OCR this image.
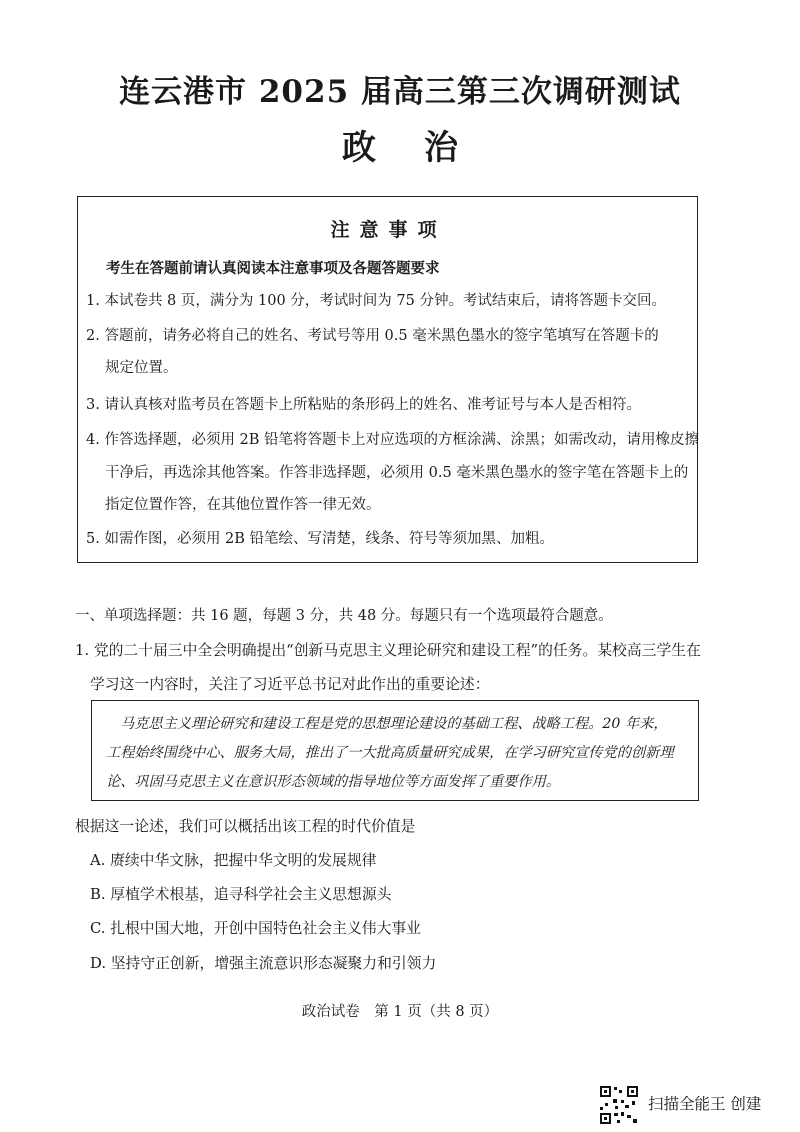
连云港市 2025 届高三第三次调研测试
政治
注意事项
考生在答题前请认真阅读本注意事项及各题答题要求
1. 本试卷共 8 页，满分为 100 分，考试时间为 75 分钟。考试结束后，请将答题卡交回。
2. 答题前，请务必将自己的姓名、考试号等用 0.5 毫米黑色墨水的签字笔填写在答题卡的
规定位置。
3. 请认真核对监考员在答题卡上所粘贴的条形码上的姓名、准考证号与本人是否相符。
4. 作答选择题，必须用 2B 铅笔将答题卡上对应选项的方框涂满、涂黑；如需改动，请用橡皮擦
干净后，再选涂其他答案。作答非选择题，必须用 0.5 毫米黑色墨水的签字笔在答题卡上的
指定位置作答，在其他位置作答一律无效。
5. 如需作图，必须用 2B 铅笔绘、写清楚，线条、符号等须加黑、加粗。
一、单项选择题：共 16 题，每题 3 分，共 48 分。每题只有一个选项最符合题意。
1. 党的二十届三中全会明确提出“创新马克思主义理论研究和建设工程”的任务。某校高三学生在
学习这一内容时，关注了习近平总书记对此作出的重要论述：
马克思主义理论研究和建设工程是党的思想理论建设的基础工程、战略工程。20 年来，
工程始终围绕中心、服务大局，推出了一大批高质量研究成果，在学习研究宣传党的创新理
论、巩固马克思主义在意识形态领域的指导地位等方面发挥了重要作用。
根据这一论述，我们可以概括出该工程的时代价值是
A. 赓续中华文脉，把握中华文明的发展规律
B. 厚植学术根基，追寻科学社会主义思想源头
C. 扎根中国大地，开创中国特色社会主义伟大事业
D. 坚持守正创新，增强主流意识形态凝聚力和引领力
政治试卷　第 1 页（共 8 页）
扫描全能王 创建
